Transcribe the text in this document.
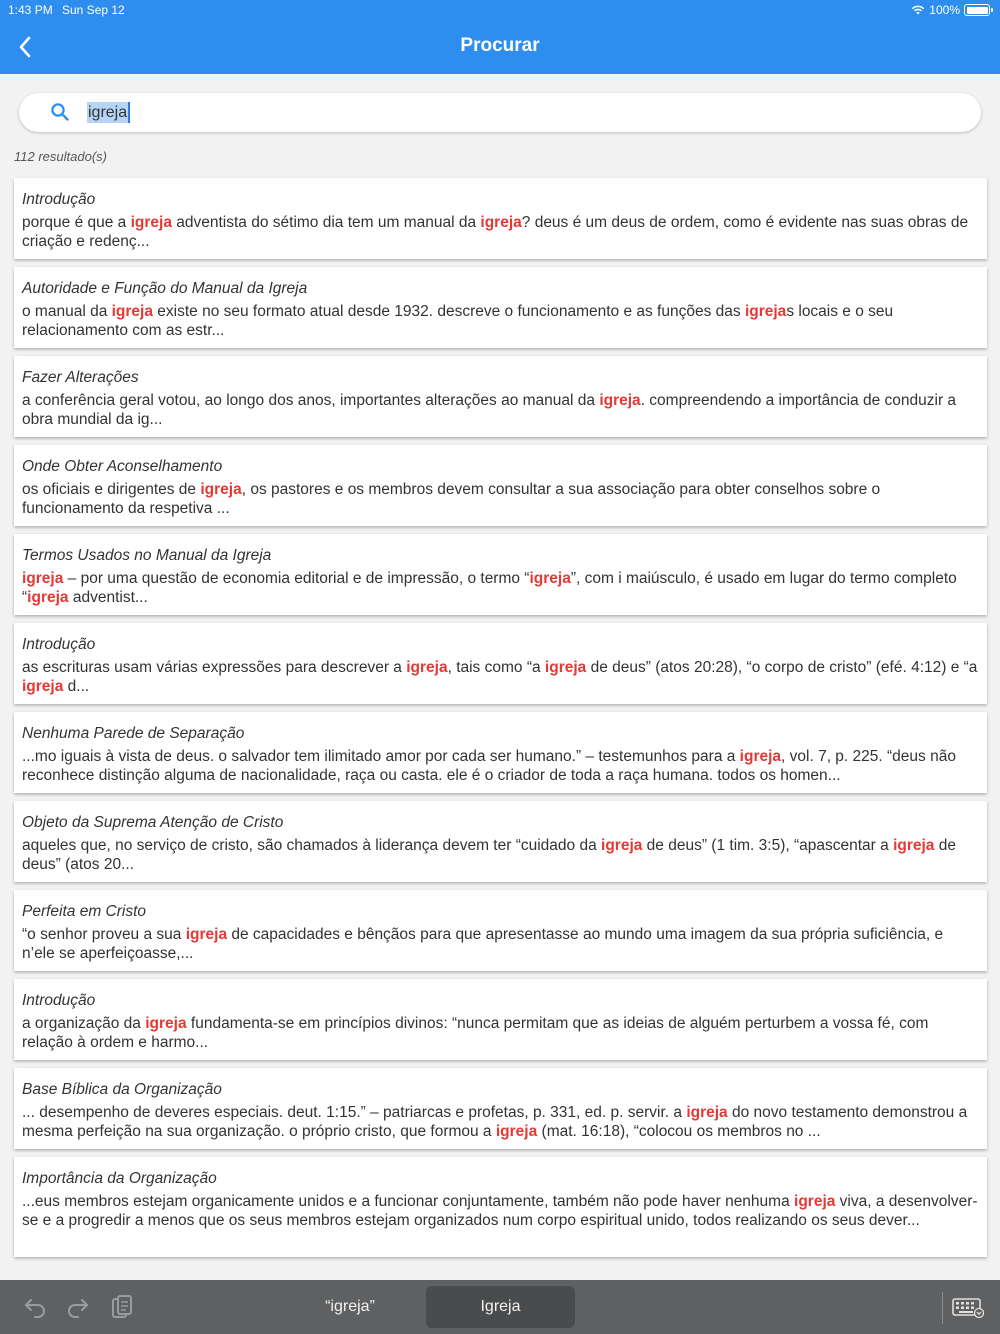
1:43 PM Sun Sep 12	100%
Procurar
igreja
112 resultado(s)
Introdução
porque é que a igreja adventista do sétimo dia tem um manual da igreja? deus é um deus de ordem, como é evidente nas suas obras de criação e redenç...
Autoridade e Função do Manual da Igreja
o manual da igreja existe no seu formato atual desde 1932. descreve o funcionamento e as funções das igrejas locais e o seu relacionamento com as estr...
Fazer Alterações
a conferência geral votou, ao longo dos anos, importantes alterações ao manual da igreja. compreendendo a importância de conduzir a obra mundial da ig...
Onde Obter Aconselhamento
os oficiais e dirigentes de igreja, os pastores e os membros devem consultar a sua associação para obter conselhos sobre o funcionamento da respetiva ...
Termos Usados no Manual da Igreja
igreja – por uma questão de economia editorial e de impressão, o termo “igreja”, com i maiúsculo, é usado em lugar do termo completo “igreja adventist...
Introdução
as escrituras usam várias expressões para descrever a igreja, tais como “a igreja de deus” (atos 20:28), “o corpo de cristo” (efé. 4:12) e “a igreja d...
Nenhuma Parede de Separação
...mo iguais à vista de deus. o salvador tem ilimitado amor por cada ser humano.” – testemunhos para a igreja, vol. 7, p. 225. “deus não reconhece distinção alguma de nacionalidade, raça ou casta. ele é o criador de toda a raça humana. todos os homen...
Objeto da Suprema Atenção de Cristo
aqueles que, no serviço de cristo, são chamados à liderança devem ter “cuidado da igreja de deus” (1 tim. 3:5), “apascentar a igreja de deus” (atos 20...
Perfeita em Cristo
“o senhor proveu a sua igreja de capacidades e bênçãos para que apresentasse ao mundo uma imagem da sua própria suficiência, e n’ele se aperfeiçoasse,...
Introdução
a organização da igreja fundamenta-se em princípios divinos: “nunca permitam que as ideias de alguém perturbem a vossa fé, com relação à ordem e harmo...
Base Bíblica da Organização
... desempenho de deveres especiais. deut. 1:15.” – patriarcas e profetas, p. 331, ed. p. servir. a igreja do novo testamento demonstrou a mesma perfeição na sua organização. o próprio cristo, que formou a igreja (mat. 16:18), “colocou os membros no ...
Importância da Organização
...eus membros estejam organicamente unidos e a funcionar conjuntamente, também não pode haver nenhuma igreja viva, a desenvolver-se e a progredir a menos que os seus membros estejam organizados num corpo espiritual unido, todos realizando os seus dever...
“igreja”	Igreja
